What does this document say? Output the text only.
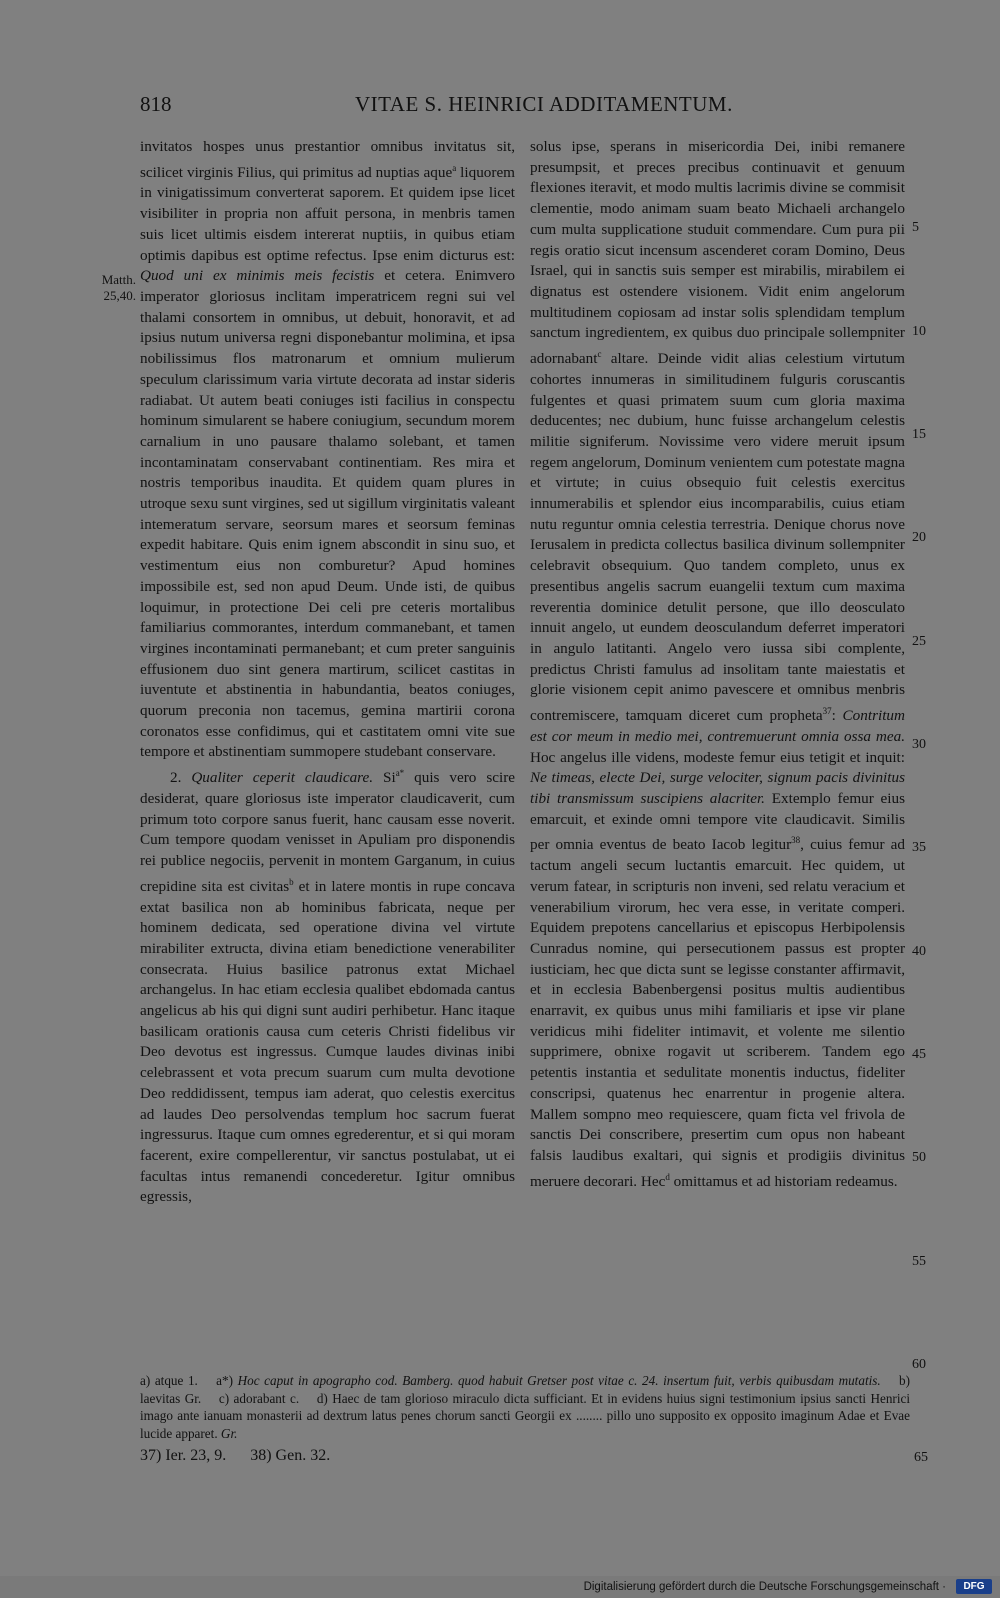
818	VITAE S. HEINRICI ADDITAMENTUM.
Matth.
25,40.

invitatos hospes unus prestantior omnibus invitatus sit, scilicet virginis Filius, qui primitus ad nuptias aque$^a$ liquorem in vinigatissimum converterat saporem. Et quidem ipse licet visibiliter in propria non affuit persona, in menbris tamen suis licet ultimis eisdem intererat nuptiis, in quibus etiam optimis dapibus est optime refectus. Ipse enim dicturus est: Quod uni ex minimis meis fecistis et cetera. Enimvero imperator gloriosus inclitam imperatricem regni sui vel thalami consortem in omnibus, ut debuit, honoravit, et ad ipsius nutum universa regni disponebantur molimina, et ipsa nobilissimus flos matronarum et omnium mulierum speculum clarissimum varia virtute decorata ad instar sideris radiabat. Ut autem beati coniuges isti facilius in conspectu hominum simularent se habere coniugium, secundum morem carnalium in uno pausare thalamo solebant, et tamen incontaminatam conservabant continentiam. Res mira et nostris temporibus inaudita. Et quidem quam plures in utroque sexu sunt virgines, sed ut sigillum virginitatis valeant intemeratum servare, seorsum mares et seorsum feminas expedit habitare. Quis enim ignem abscondit in sinu suo, et vestimentum eius non comburetur? Apud homines impossibile est, sed non apud Deum. Unde isti, de quibus loquimur, in protectione Dei celi pre ceteris mortalibus familiarius commorantes, interdum commanebant, et tamen virgines incontaminati permanebant; et cum preter sanguinis effusionem duo sint genera martirum, scilicet castitas in iuventute et abstinentia in habundantia, beatos coniuges, quorum preconia non tacemus, gemina martirii corona coronatos esse confidimus, qui et castitatem omni vite sue tempore et abstinentiam summopere studebant conservare.

2. Qualiter ceperit claudicare. $Si^{a*}$ quis vero scire desiderat, quare gloriosus iste imperator claudicaverit, cum primum toto corpore sanus fuerit, hanc causam esse noverit. Cum tempore quodam venisset in Apuliam pro disponendis rei publice negociis, pervenit in montem Garganum, in cuius crepidine sita est civitas$^b$ et in latere montis in rupe concava extat basilica non ab hominibus fabricata, neque per hominem dedicata, sed operatione divina vel virtute mirabiliter extructa, divina etiam benedictione venerabiliter consecrata. Huius basilice patronus extat Michael archangelus. In hac etiam ecclesia qualibet ebdomada cantus angelicus ab his qui digni sunt audiri perhibetur. Hanc itaque basilicam orationis causa cum ceteris Christi fidelibus vir Deo devotus est ingressus. Cumque laudes divinas inibi celebrassent et vota precum suarum cum multa devotione Deo reddidissent, tempus iam aderat, quo celestis exercitus ad laudes Deo persolvendas templum hoc sacrum fuerat ingressurus. Itaque cum omnes egrederentur, et si qui moram facerent, exire compellerentur, vir sanctus postulabat, ut ei facultas intus remanendi concederetur. Igitur omnibus egressis,

solus ipse, sperans in misericordia Dei, inibi remanere presumpsit, et preces precibus continuavit et genuum flexiones iteravit, et modo multis lacrimis divine se commisit clementie, modo animam suam beato Michaeli archangelo cum multa supplicatione studuit commendare. Cum pura pii regis oratio sicut incensum ascenderet coram Domino, Deus Israel, qui in sanctis suis semper est mirabilis, mirabilem ei dignatus est ostendere visionem. Vidit enim angelorum multitudinem copiosam ad instar solis splendidam templum sanctum ingredientem, ex quibus duo principale sollempniter adornabant$^c$ altare. Deinde vidit alias celestium virtutum cohortes innumeras in similitudinem fulguris coruscantis fulgentes et quasi primatem suum cum gloria maxima deducentes; nec dubium, hunc fuisse archangelum celestis militie signiferum. Novissime vero videre meruit ipsum regem angelorum, Dominum venientem cum potestate magna et virtute; in cuius obsequio fuit celestis exercitus innumerabilis et splendor eius incomparabilis, cuius etiam nutu reguntur omnia celestia terrestria. Denique chorus nove Ierusalem in predicta collectus basilica divinum sollempniter celebravit obsequium. Quo tandem completo, unus ex presentibus angelis sacrum euangelii textum cum maxima reverentia dominice detulit persone, que illo deosculato innuit angelo, ut eundem deosculandum deferret imperatori in angulo latitanti. Angelo vero iussa sibi complente, predictus Christi famulus ad insolitam tante maiestatis et glorie visionem cepit animo pavescere et omnibus menbris contremiscere, tamquam diceret cum propheta$^{37}$: Contritum est cor meum in medio mei, contremuerunt omnia ossa mea. Hoc angelus ille videns, modeste femur eius tetigit et inquit: Ne timeas, electe Dei, surge velociter, signum pacis divinitus tibi transmissum suscipiens alacriter. Extemplo femur eius emarcuit, et exinde omni tempore vite claudicavit. Similis per omnia eventus de beato Iacob legitur$^{38}$, cuius femur ad tactum angeli secum luctantis emarcuit. Hec quidem, ut verum fatear, in scripturis non inveni, sed relatu veracium et venerabilium virorum, hec vera esse, in veritate comperi. Equidem prepotens cancellarius et episcopus Herbipolensis Cunradus nomine, qui persecutionem passus est propter iusticiam, hec que dicta sunt se legisse constanter affirmavit, et in ecclesia Babenbergensi positus multis audientibus enarravit, ex quibus unus mihi familiaris et ipse vir plane veridicus mihi fideliter intimavit, et volente me silentio supprimere, obnixe rogavit ut scriberem. Tandem ego petentis instantia et sedulitate monentis inductus, fideliter conscripsi, quatenus hec enarrentur in progenie altera. Mallem sompno meo requiescere, quam ficta vel frivola de sanctis Dei conscribere, presertim cum opus non habeant falsis laudibus exaltari, qui signis et prodigiis divinitus meruere decorari. Hec$^d$ omittamus et ad historiam redeamus.

5
10
15
20
25
30
35
40
45
50
55
60
a) atque 1. a*) Hoc caput in apographo cod. Bamberg. quod habuit Gretser post vitae c. 24. insertum fuit, verbis quibusdam mutatis. b) laevitas Gr. c) adorabant c. d) Haec de tam glorioso miraculo dicta sufficiant. Et in evidens huius signi testimonium ipsius sancti Henrici imago ante ianuam monasterii ad dextrum latus penes chorum sancti Georgii ex ........ pillo uno supposito ex opposito imaginum Adae et Evae lucide apparet. Gr.
37) Ier. 23, 9. 38) Gen. 32.	65
Digitalisierung gefördert durch die Deutsche Forschungsgemeinschaft ·	DFG
